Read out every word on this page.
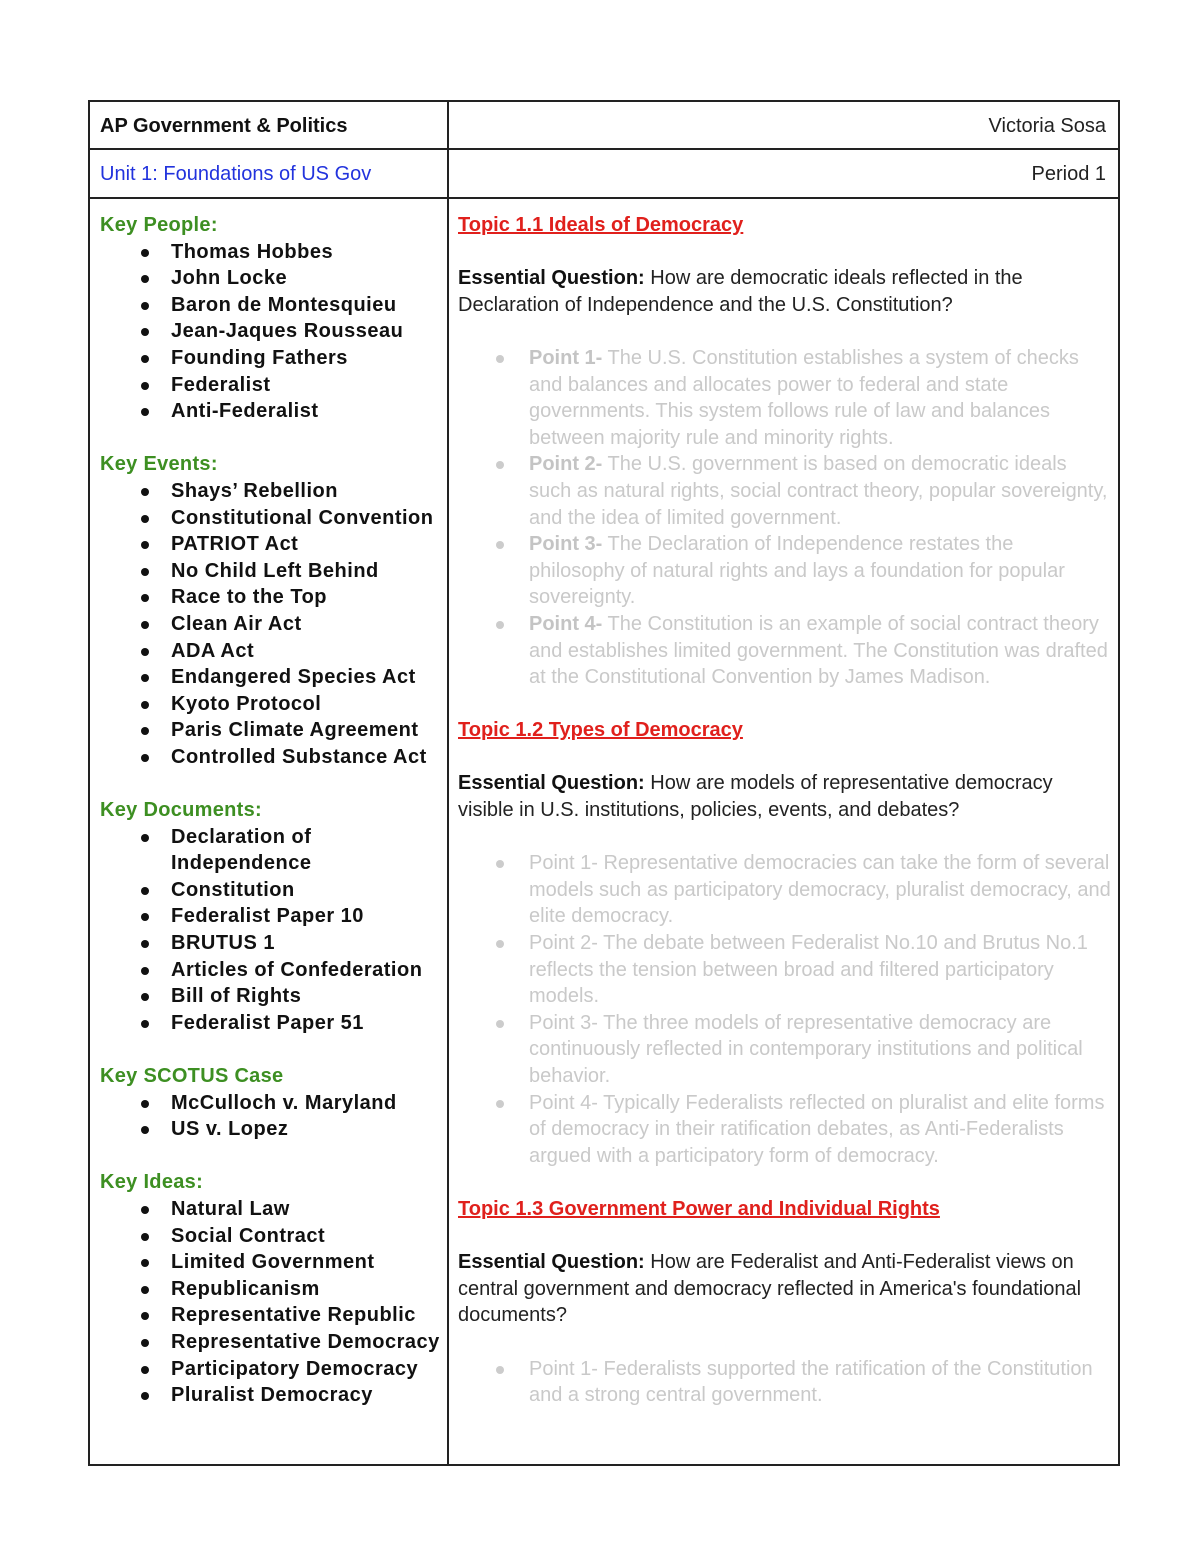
AP Government & Politics	Victoria Sosa
Unit 1: Foundations of US Gov	Period 1
Key People:
Thomas Hobbes
John Locke
Baron de Montesquieu
Jean-Jaques Rousseau
Founding Fathers
Federalist
Anti-Federalist
Key Events:
Shays’ Rebellion
Constitutional Convention
PATRIOT Act
No Child Left Behind
Race to the Top
Clean Air Act
ADA Act
Endangered Species Act
Kyoto Protocol
Paris Climate Agreement
Controlled Substance Act
Key Documents:
Declaration of Independence
Constitution
Federalist Paper 10
BRUTUS 1
Articles of Confederation
Bill of Rights
Federalist Paper 51
Key SCOTUS Case
McCulloch v. Maryland
US v. Lopez
Key Ideas:
Natural Law
Social Contract
Limited Government
Republicanism
Representative Republic
Representative Democracy
Participatory Democracy
Pluralist Democracy
Topic 1.1 Ideals of Democracy
Essential Question: How are democratic ideals reflected in the Declaration of Independence and the U.S. Constitution?
Point 1- The U.S. Constitution establishes a system of checks and balances and allocates power to federal and state governments. This system follows rule of law and balances between majority rule and minority rights.
Point 2- The U.S. government is based on democratic ideals such as natural rights, social contract theory, popular sovereignty, and the idea of limited government.
Point 3- The Declaration of Independence restates the philosophy of natural rights and lays a foundation for popular sovereignty.
Point 4- The Constitution is an example of social contract theory and establishes limited government. The Constitution was drafted at the Constitutional Convention by James Madison.
Topic 1.2 Types of Democracy
Essential Question: How are models of representative democracy visible in U.S. institutions, policies, events, and debates?
Point 1- Representative democracies can take the form of several models such as participatory democracy, pluralist democracy, and elite democracy.
Point 2- The debate between Federalist No.10 and Brutus No.1 reflects the tension between broad and filtered participatory models.
Point 3- The three models of representative democracy are continuously reflected in contemporary institutions and political behavior.
Point 4- Typically Federalists reflected on pluralist and elite forms of democracy in their ratification debates, as Anti-Federalists argued with a participatory form of democracy.
Topic 1.3 Government Power and Individual Rights
Essential Question: How are Federalist and Anti-Federalist views on central government and democracy reflected in America's foundational documents?
Point 1- Federalists supported the ratification of the Constitution and a strong central government.
